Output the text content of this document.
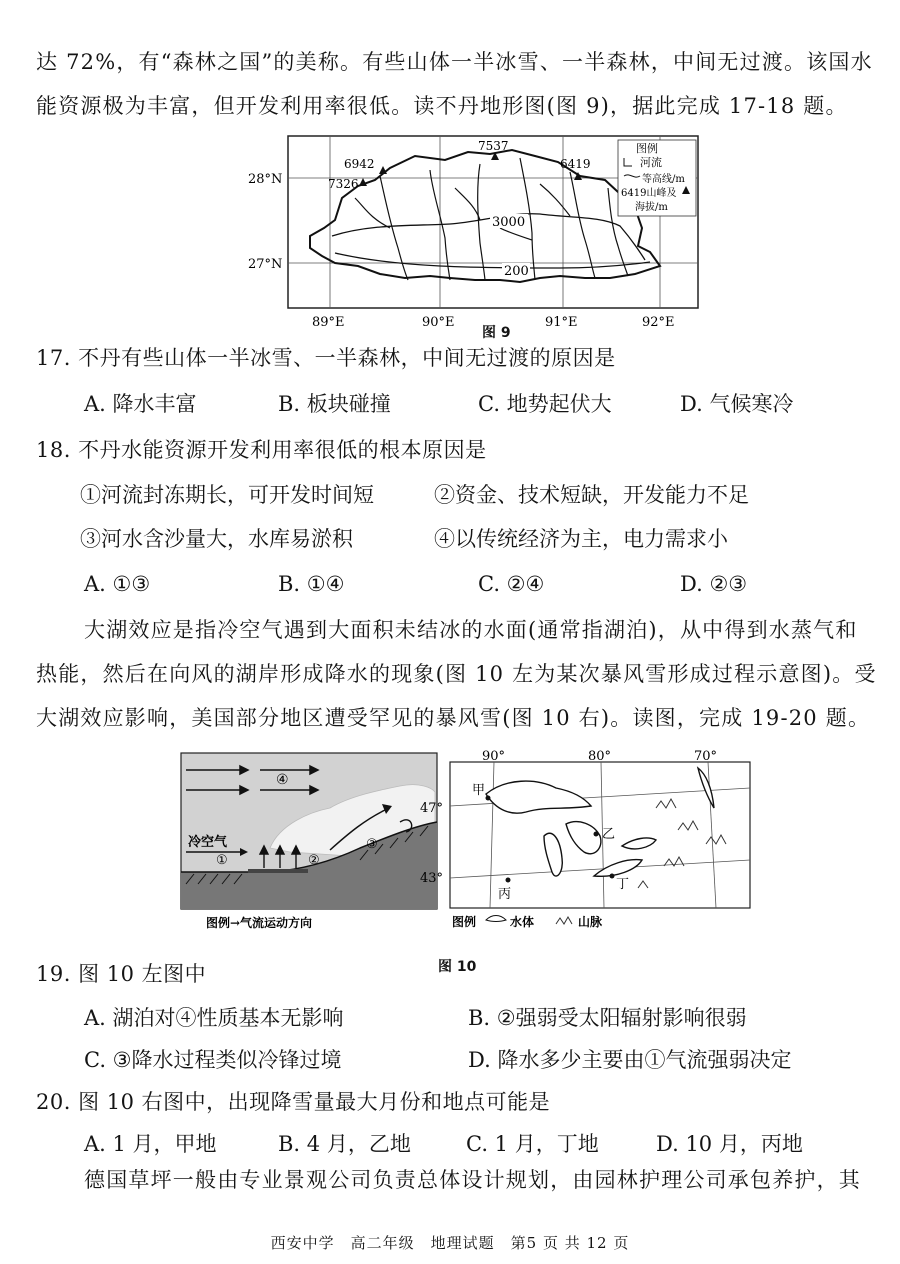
达 72%，有“森林之国”的美称。有些山体一半冰雪、一半森林，中间无过渡。该国水
能资源极为丰富，但开发利用率很低。读不丹地形图(图 9)，据此完成 17-18 题。
7537
6942
7326
6419
3000
200
图例
河流
等高线/m
6419山峰及
海拔/m
28°N
27°N
89°E	90°E	91°E	92°E
图 9
17. 不丹有些山体一半冰雪、一半森林，中间无过渡的原因是
A. 降水丰富	B. 板块碰撞	C. 地势起伏大	D. 气候寒冷
18. 不丹水能资源开发利用率很低的根本原因是
①河流封冻期长，可开发时间短	②资金、技术短缺，开发能力不足
③河水含沙量大，水库易淤积	④以传统经济为主，电力需求小
A. ①③	B. ①④	C. ②④	D. ②③
大湖效应是指冷空气遇到大面积未结冰的水面(通常指湖泊)，从中得到水蒸气和
热能，然后在向风的湖岸形成降水的现象(图 10 左为某次暴风雪形成过程示意图)。受
大湖效应影响，美国部分地区遭受罕见的暴风雪(图 10 右)。读图，完成 19-20 题。
④
冷空气
①	②
③
图例→气流运动方向
甲
乙
丙
丁
90°	80°	70°
47°
43°
图例	水体	山脉
图 10
19. 图 10 左图中
A. 湖泊对④性质基本无影响	B. ②强弱受太阳辐射影响很弱
C. ③降水过程类似冷锋过境	D. 降水多少主要由①气流强弱决定
20. 图 10 右图中，出现降雪量最大月份和地点可能是
A. 1 月，甲地	B. 4 月，乙地	C. 1 月，丁地	D. 10 月，丙地
德国草坪一般由专业景观公司负责总体设计规划，由园林护理公司承包养护，其
西安中学　高二年级　地理试题　第5 页 共 12 页
